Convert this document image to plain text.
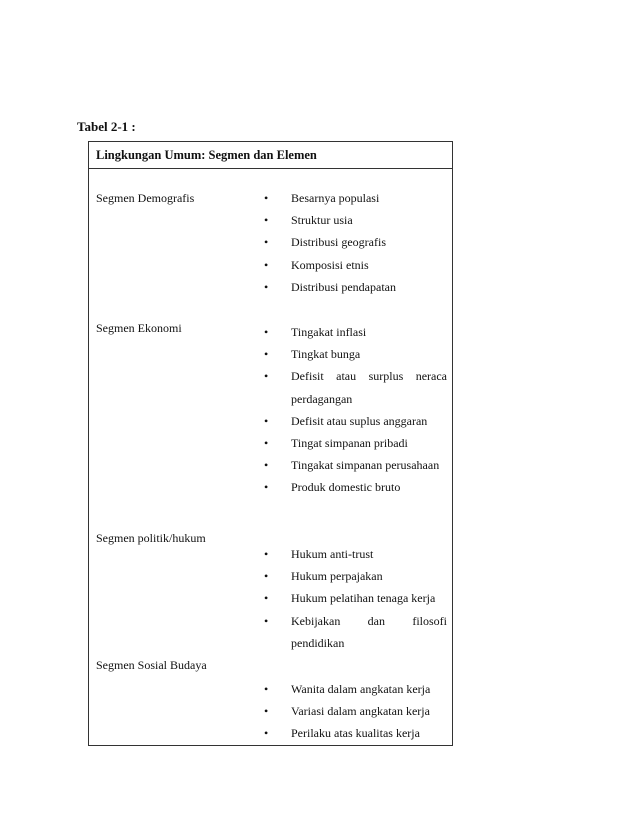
Tabel 2-1 :

Lingkungan Umum: Segmen dan Elemen
Segmen Demografis	• Besarnya populasi
• Struktur usia
• Distribusi geografis
• Komposisi etnis
• Distribusi pendapatan
Segmen Ekonomi	• Tingakat inflasi
• Tingkat bunga
• Defisit atau surplus neraca perdagangan
• Defisit atau suplus anggaran
• Tingat simpanan pribadi
• Tingakat simpanan perusahaan
• Produk domestic bruto
Segmen politik/hukum
• Hukum anti-trust
• Hukum perpajakan
• Hukum pelatihan tenaga kerja
• Kebijakan dan filosofi pendidikan
Segmen Sosial Budaya
• Wanita dalam angkatan kerja
• Variasi dalam angkatan kerja
• Perilaku atas kualitas kerja
